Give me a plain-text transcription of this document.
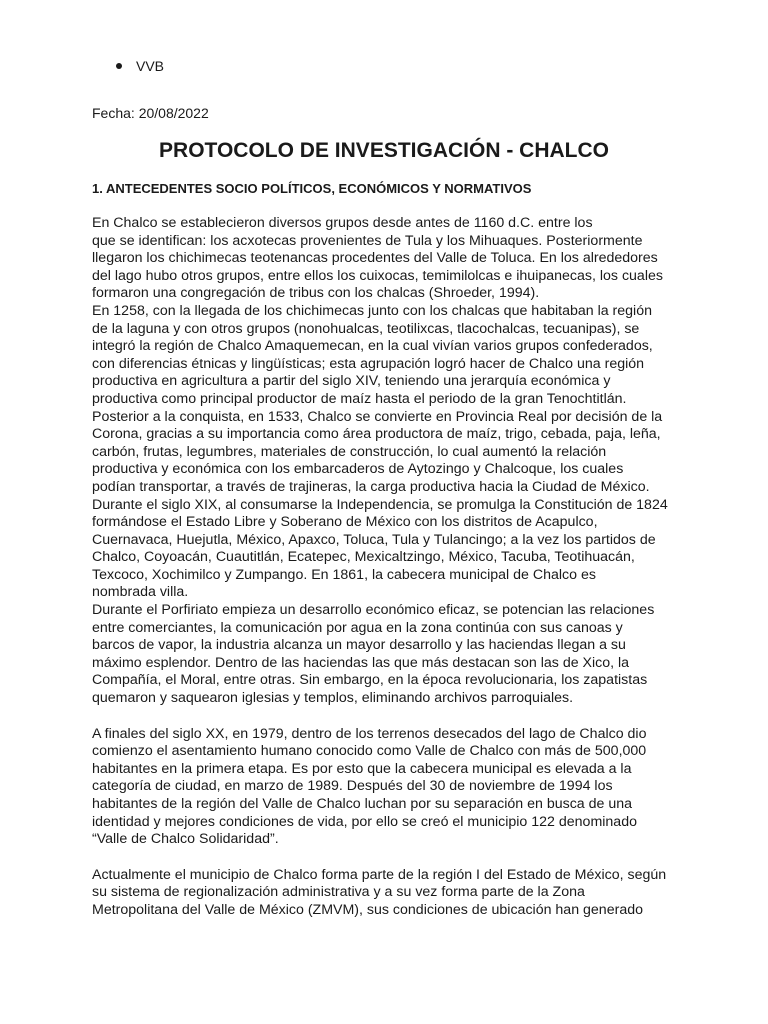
VVB
Fecha: 20/08/2022
PROTOCOLO DE INVESTIGACIÓN - CHALCO
1. ANTECEDENTES SOCIO POLÍTICOS, ECONÓMICOS Y NORMATIVOS

En Chalco se establecieron diversos grupos desde antes de 1160 d.C. entre los
que se identifican: los acxotecas provenientes de Tula y los Mihuaques. Posteriormente
llegaron los chichimecas teotenancas procedentes del Valle de Toluca. En los alrededores
del lago hubo otros grupos, entre ellos los cuixocas, temimilolcas e ihuipanecas, los cuales
formaron una congregación de tribus con los chalcas (Shroeder, 1994).
En 1258, con la llegada de los chichimecas junto con los chalcas que habitaban la región
de la laguna y con otros grupos (nonohualcas, teotilixcas, tlacochalcas, tecuanipas), se
integró la región de Chalco Amaquemecan, en la cual vivían varios grupos confederados,
con diferencias étnicas y lingüísticas; esta agrupación logró hacer de Chalco una región
productiva en agricultura a partir del siglo XIV, teniendo una jerarquía económica y
productiva como principal productor de maíz hasta el periodo de la gran Tenochtitlán.
Posterior a la conquista, en 1533, Chalco se convierte en Provincia Real por decisión de la
Corona, gracias a su importancia como área productora de maíz, trigo, cebada, paja, leña,
carbón, frutas, legumbres, materiales de construcción, lo cual aumentó la relación
productiva y económica con los embarcaderos de Aytozingo y Chalcoque, los cuales
podían transportar, a través de trajineras, la carga productiva hacia la Ciudad de México.
Durante el siglo XIX, al consumarse la Independencia, se promulga la Constitución de 1824
formándose el Estado Libre y Soberano de México con los distritos de Acapulco,
Cuernavaca, Huejutla, México, Apaxco, Toluca, Tula y Tulancingo; a la vez los partidos de
Chalco, Coyoacán, Cuautitlán, Ecatepec, Mexicaltzingo, México, Tacuba, Teotihuacán,
Texcoco, Xochimilco y Zumpango. En 1861, la cabecera municipal de Chalco es
nombrada villa.
Durante el Porfiriato empieza un desarrollo económico eficaz, se potencian las relaciones
entre comerciantes, la comunicación por agua en la zona continúa con sus canoas y
barcos de vapor, la industria alcanza un mayor desarrollo y las haciendas llegan a su
máximo esplendor. Dentro de las haciendas las que más destacan son las de Xico, la
Compañía, el Moral, entre otras. Sin embargo, en la época revolucionaria, los zapatistas
quemaron y saquearon iglesias y templos, eliminando archivos parroquiales.

A finales del siglo XX, en 1979, dentro de los terrenos desecados del lago de Chalco dio
comienzo el asentamiento humano conocido como Valle de Chalco con más de 500,000
habitantes en la primera etapa. Es por esto que la cabecera municipal es elevada a la
categoría de ciudad, en marzo de 1989. Después del 30 de noviembre de 1994 los
habitantes de la región del Valle de Chalco luchan por su separación en busca de una
identidad y mejores condiciones de vida, por ello se creó el municipio 122 denominado
“Valle de Chalco Solidaridad”.

Actualmente el municipio de Chalco forma parte de la región I del Estado de México, según
su sistema de regionalización administrativa y a su vez forma parte de la Zona
Metropolitana del Valle de México (ZMVM), sus condiciones de ubicación han generado
